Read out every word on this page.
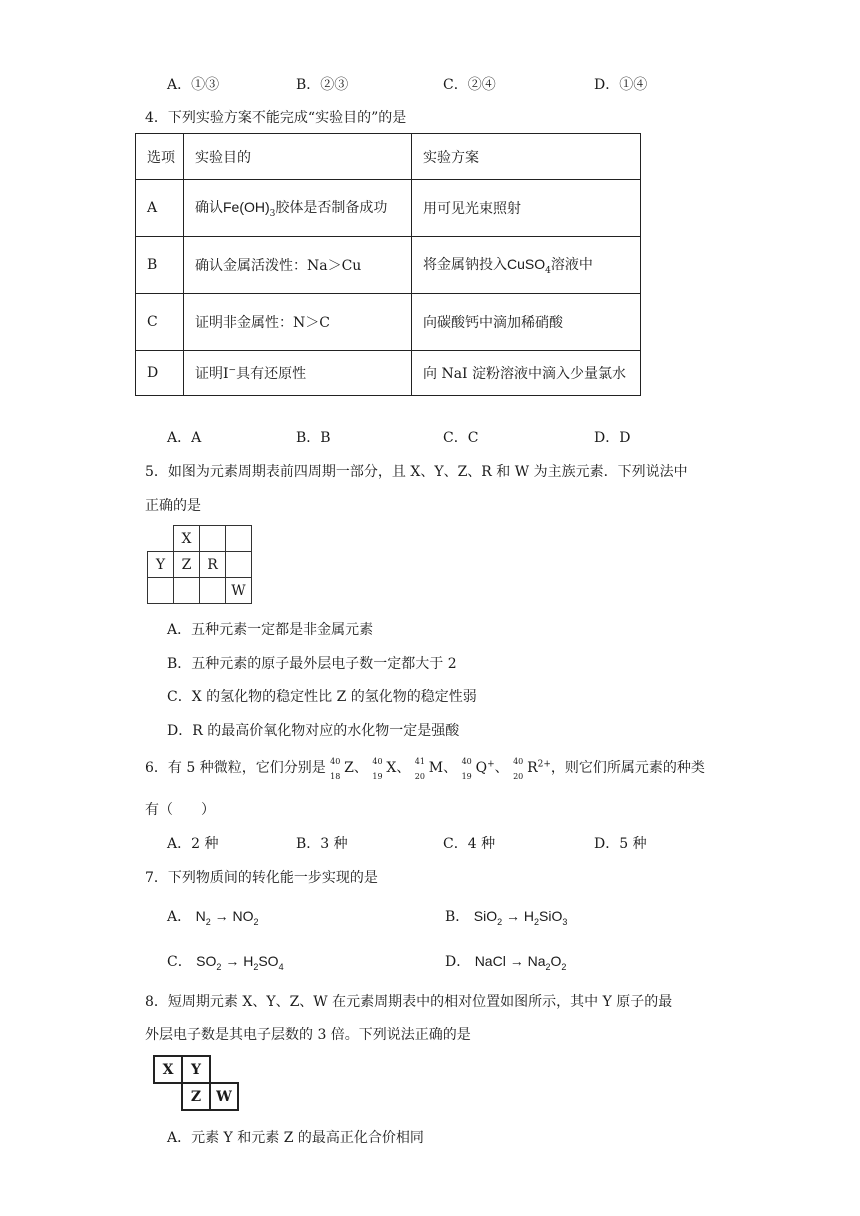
A．①③	B．②③	C．②④	D．①④
4．下列实验方案不能完成“实验目的”的是
选项	实验目的	实验方案
A	确认$Fe(OH)_3$胶体是否制备成功	用可见光束照射
B	确认金属活泼性：Na＞Cu	将金属钠投入CuSO$_4$溶液中
C	证明非金属性：N＞C	向碳酸钙中滴加稀硝酸
D	证明I−具有还原性	向 NaI 淀粉溶液中滴入少量氯水
A．A	B．B	C．C	D．D
5．如图为元素周期表前四周期一部分，且 X、Y、Z、R 和 W 为主族元素．下列说法中
正确的是
	X		
Y	Z	R	
			W
A．五种元素一定都是非金属元素
B．五种元素的原子最外层电子数一定都大于 2
C．X 的氢化物的稳定性比 Z 的氢化物的稳定性弱
D．R 的最高价氧化物对应的水化物一定是强酸
6．有 5 种微粒，它们分别是 40
18
Z、 40
19
X、 41
20
M、 40
19
Q+、 40
20
$R^{2+}$，则它们所属元素的种类
有（　　）
A．2 种	B．3 种	C．4 种	D．5 种
7．下列物质间的转化能一步实现的是
A． $N_2 \to NO_2$	B． $SiO_2 \to H_2SiO_3$
C． $SO_2 \to H_2SO_4$	D． NaCl → $Na_2O_2$
8．短周期元素 X、Y、Z、W 在元素周期表中的相对位置如图所示，其中 Y 原子的最
外层电子数是其电子层数的 3 倍。下列说法正确的是
X	Y	
	Z	W
A．元素 Y 和元素 Z 的最高正化合价相同
